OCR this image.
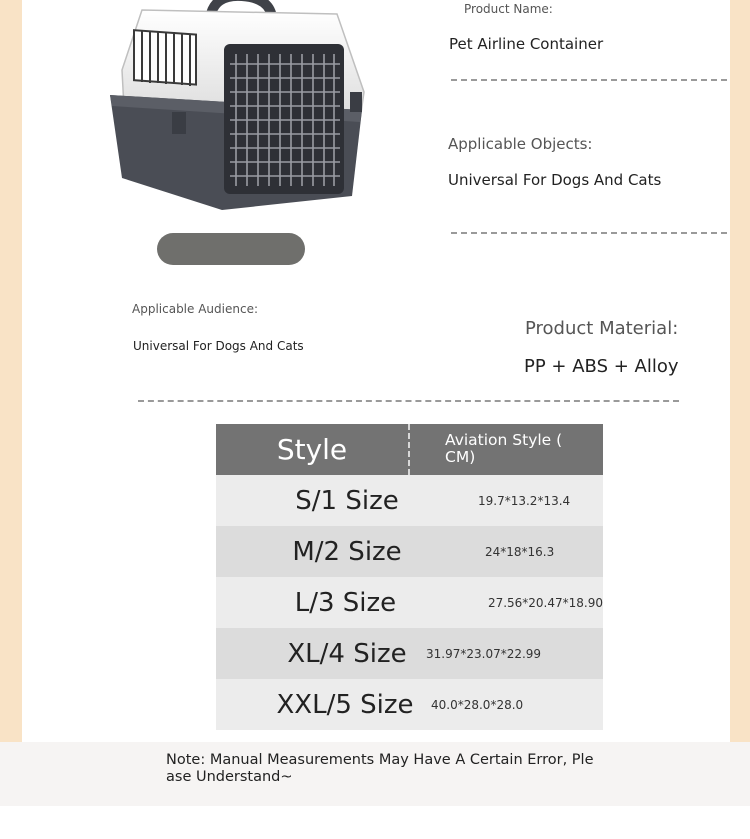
Product Name:
Pet Airline Container
Applicable Objects:
Universal For Dogs And Cats
Applicable Audience:
Universal For Dogs And Cats
Product Material:
PP + ABS + Alloy
Style	Aviation Style ( CM)
S/1 Size	19.7*13.2*13.4
M/2 Size	24*18*16.3
L/3 Size	27.56*20.47*18.90
XL/4 Size	31.97*23.07*22.99
XXL/5 Size	40.0*28.0*28.0
Note: Manual Measurements May Have A Certain Error, Please Understand~
